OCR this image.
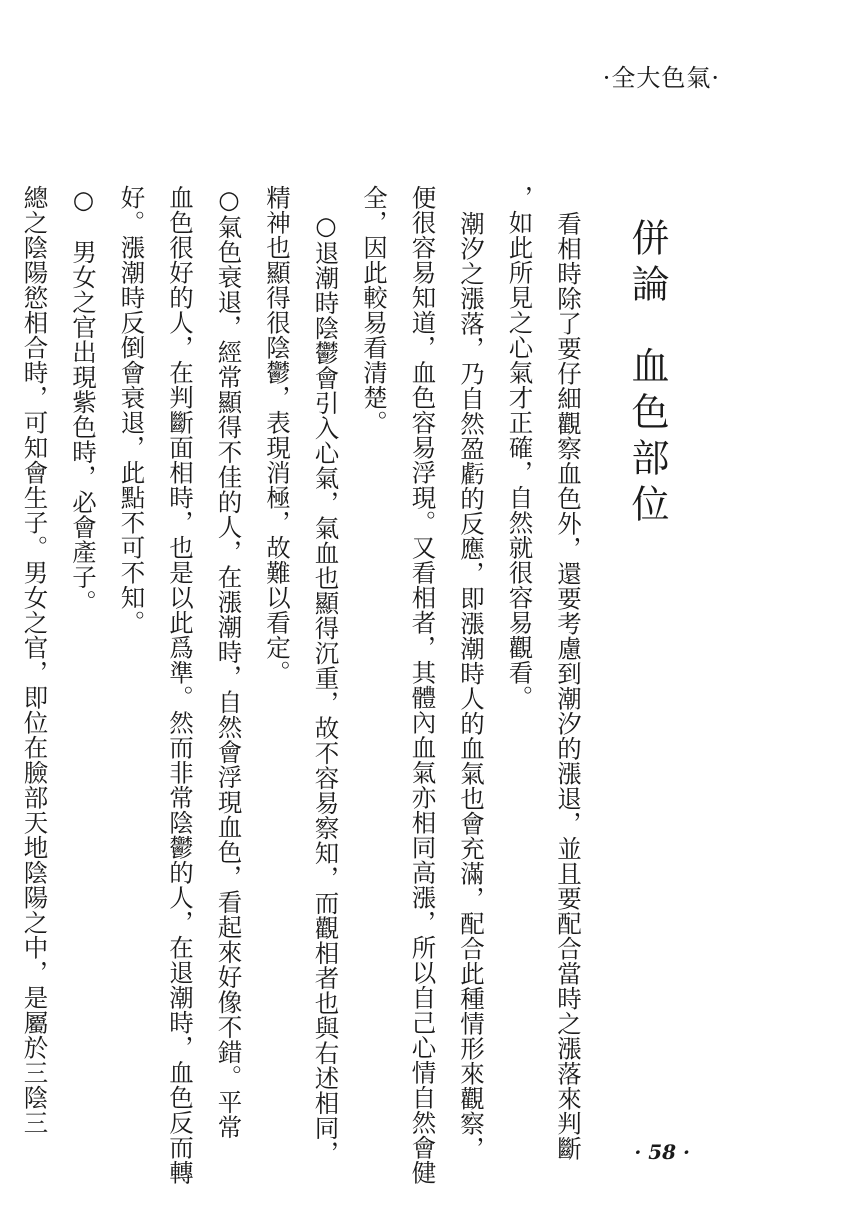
·全大色氣·
併論血色部位
看相時除了要仔細觀察血色外，還要考慮到潮汐的漲退，並且要配合當時之漲落來判斷
，如此所見之心氣才正確，自然就很容易觀看。
潮汐之漲落，乃自然盈虧的反應，即漲潮時人的血氣也會充滿，配合此種情形來觀察，
便很容易知道，血色容易浮現。又看相者，其體內血氣亦相同高漲，所以自己心情自然會健
全，因此較易看清楚。
○退潮時陰鬱會引入心氣，氣血也顯得沉重，故不容易察知，而觀相者也與右述相同，
精神也顯得很陰鬱，表現消極，故難以看定。
○氣色衰退，經常顯得不佳的人，在漲潮時，自然會浮現血色，看起來好像不錯。平常
血色很好的人，在判斷面相時，也是以此爲準。然而非常陰鬱的人，在退潮時，血色反而轉
好。漲潮時反倒會衰退，此點不可不知。
○　男女之官出現紫色時，必會產子。
總之陰陽慾相合時，可知會生子。男女之官，即位在臉部天地陰陽之中，是屬於三陰三
· 58 ·
